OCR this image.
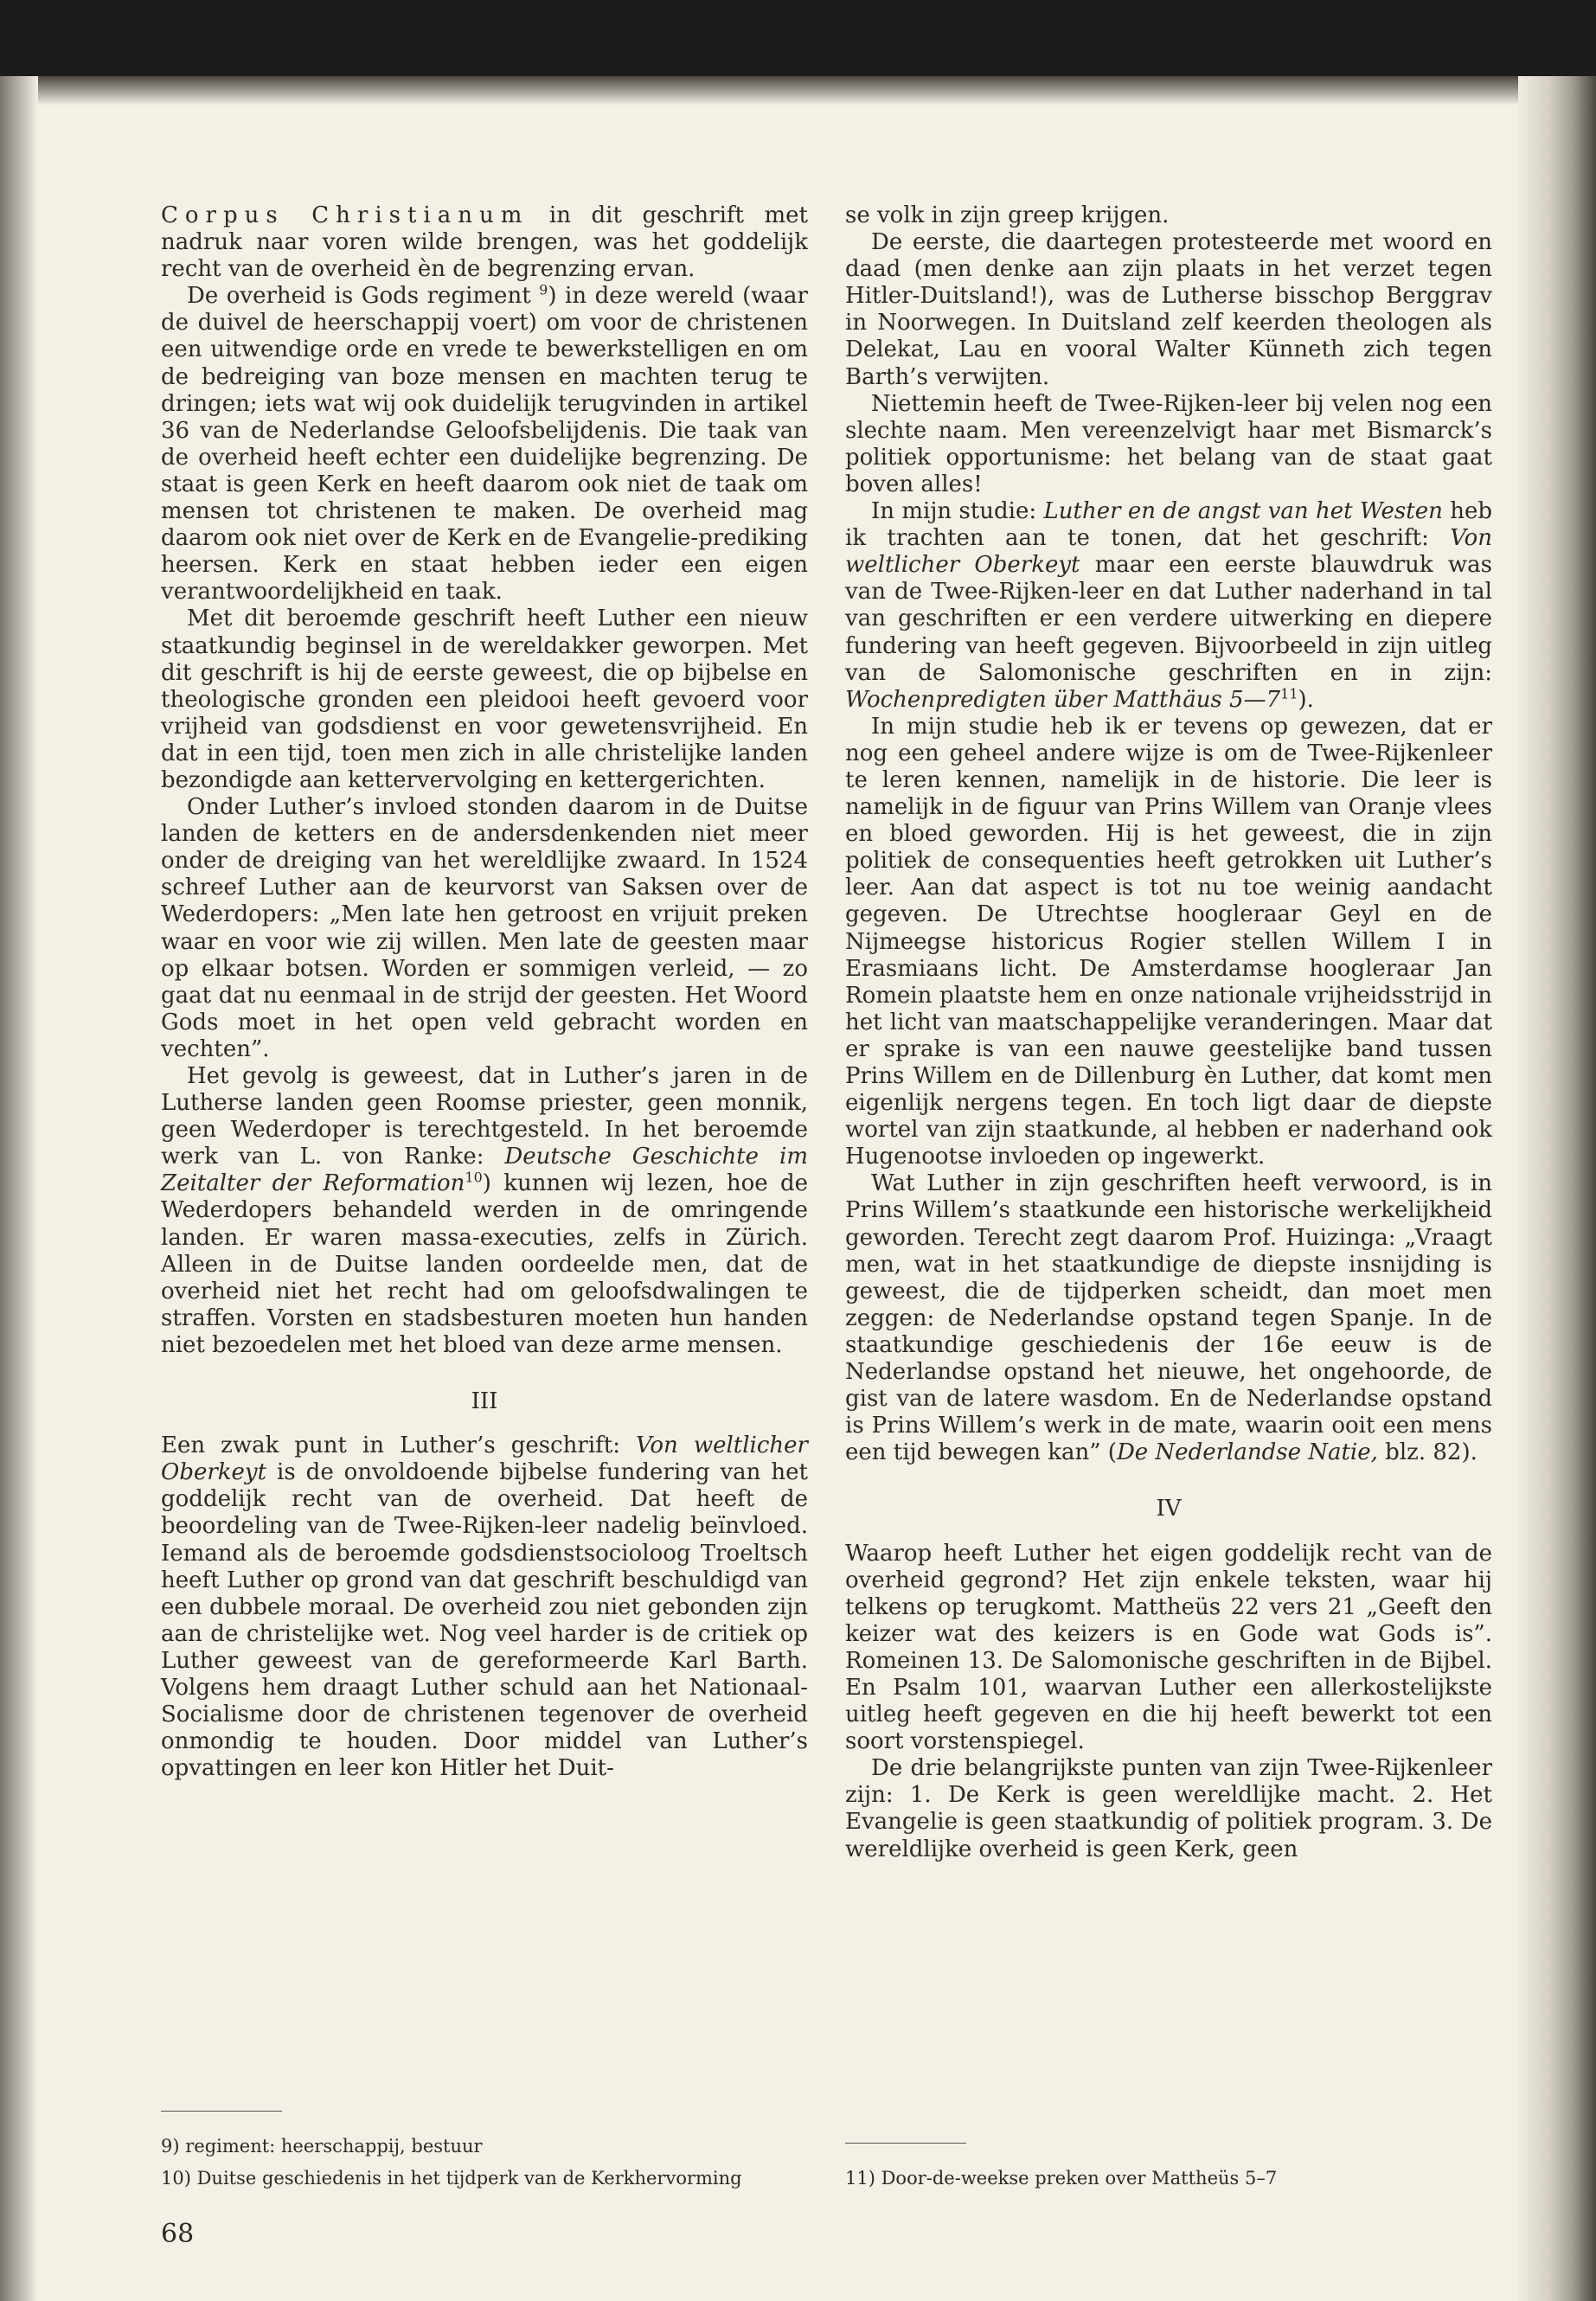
Corpus Christianum in dit geschrift met nadruk naar voren wilde brengen, was het goddelijk recht van de overheid èn de begrenzing ervan.

De overheid is Gods regiment $^9$) in deze wereld (waar de duivel de heerschappij voert) om voor de christenen een uitwendige orde en vrede te bewerkstelligen en om de bedreiging van boze mensen en machten terug te dringen; iets wat wij ook duidelijk terugvinden in artikel 36 van de Nederlandse Geloofsbelijdenis. Die taak van de overheid heeft echter een duidelijke begrenzing. De staat is geen Kerk en heeft daarom ook niet de taak om mensen tot christenen te maken. De overheid mag daarom ook niet over de Kerk en de Evangelie-prediking heersen. Kerk en staat hebben ieder een eigen verantwoordelijkheid en taak.

Met dit beroemde geschrift heeft Luther een nieuw staatkundig beginsel in de wereldakker geworpen. Met dit geschrift is hij de eerste geweest, die op bijbelse en theologische gronden een pleidooi heeft gevoerd voor vrijheid van godsdienst en voor gewetensvrijheid. En dat in een tijd, toen men zich in alle christelijke landen bezondigde aan kettervervolging en kettergerichten.

Onder Luther’s invloed stonden daarom in de Duitse landen de ketters en de andersdenkenden niet meer onder de dreiging van het wereldlijke zwaard. In 1524 schreef Luther aan de keurvorst van Saksen over de Wederdopers: „Men late hen getroost en vrijuit preken waar en voor wie zij willen. Men late de geesten maar op elkaar botsen. Worden er sommigen verleid, — zo gaat dat nu eenmaal in de strijd der geesten. Het Woord Gods moet in het open veld gebracht worden en vechten”.

Het gevolg is geweest, dat in Luther’s jaren in de Lutherse landen geen Roomse priester, geen monnik, geen Wederdoper is terechtgesteld. In het beroemde werk van L. von Ranke: Deutsche Geschichte im Zeitalter der Reformation$^{10}$) kunnen wij lezen, hoe de Wederdopers behandeld werden in de omringende landen. Er waren massa-executies, zelfs in Zürich. Alleen in de Duitse landen oordeelde men, dat de overheid niet het recht had om geloofsdwalingen te straffen. Vorsten en stadsbesturen moeten hun handen niet bezoedelen met het bloed van deze arme mensen.

III

Een zwak punt in Luther’s geschrift: Von weltlicher Oberkeyt is de onvoldoende bijbelse fundering van het goddelijk recht van de overheid. Dat heeft de beoordeling van de Twee-Rijken-leer nadelig beïnvloed. Iemand als de beroemde godsdienstsocioloog Troeltsch heeft Luther op grond van dat geschrift beschuldigd van een dubbele moraal. De overheid zou niet gebonden zijn aan de christelijke wet. Nog veel harder is de critiek op Luther geweest van de gereformeerde Karl Barth. Volgens hem draagt Luther schuld aan het Nationaal-Socialisme door de christenen tegenover de overheid onmondig te houden. Door middel van Luther’s opvattingen en leer kon Hitler het Duit-

se volk in zijn greep krijgen.

De eerste, die daartegen protesteerde met woord en daad (men denke aan zijn plaats in het verzet tegen Hitler-Duitsland!), was de Lutherse bisschop Berggrav in Noorwegen. In Duitsland zelf keerden theologen als Delekat, Lau en vooral Walter Künneth zich tegen Barth’s verwijten.

Niettemin heeft de Twee-Rijken-leer bij velen nog een slechte naam. Men vereenzelvigt haar met Bismarck’s politiek opportunisme: het belang van de staat gaat boven alles!

In mijn studie: Luther en de angst van het Westen heb ik trachten aan te tonen, dat het geschrift: Von weltlicher Oberkeyt maar een eerste blauwdruk was van de Twee-Rijken-leer en dat Luther naderhand in tal van geschriften er een verdere uitwerking en diepere fundering van heeft gegeven. Bijvoorbeeld in zijn uitleg van de Salomonische geschriften en in zijn: Wochenpredigten über Matthäus $5—7^{11}$).

In mijn studie heb ik er tevens op gewezen, dat er nog een geheel andere wijze is om de Twee-Rijkenleer te leren kennen, namelijk in de historie. Die leer is namelijk in de figuur van Prins Willem van Oranje vlees en bloed geworden. Hij is het geweest, die in zijn politiek de consequenties heeft getrokken uit Luther’s leer. Aan dat aspect is tot nu toe weinig aandacht gegeven. De Utrechtse hoogleraar Geyl en de Nijmeegse historicus Rogier stellen Willem I in Erasmiaans licht. De Amsterdamse hoogleraar Jan Romein plaatste hem en onze nationale vrijheidsstrijd in het licht van maatschappelijke veranderingen. Maar dat er sprake is van een nauwe geestelijke band tussen Prins Willem en de Dillenburg èn Luther, dat komt men eigenlijk nergens tegen. En toch ligt daar de diepste wortel van zijn staatkunde, al hebben er naderhand ook Hugenootse invloeden op ingewerkt.

Wat Luther in zijn geschriften heeft verwoord, is in Prins Willem’s staatkunde een historische werkelijkheid geworden. Terecht zegt daarom Prof. Huizinga: „Vraagt men, wat in het staatkundige de diepste insnijding is geweest, die de tijdperken scheidt, dan moet men zeggen: de Nederlandse opstand tegen Spanje. In de staatkundige geschiedenis der 16e eeuw is de Nederlandse opstand het nieuwe, het ongehoorde, de gist van de latere wasdom. En de Nederlandse opstand is Prins Willem’s werk in de mate, waarin ooit een mens een tijd bewegen kan” (De Nederlandse Natie, blz. 82).

IV

Waarop heeft Luther het eigen goddelijk recht van de overheid gegrond? Het zijn enkele teksten, waar hij telkens op terugkomt. Mattheüs 22 vers 21 „Geeft den keizer wat des keizers is en Gode wat Gods is”. Romeinen 13. De Salomonische geschriften in de Bijbel. En Psalm 101, waarvan Luther een allerkostelijkste uitleg heeft gegeven en die hij heeft bewerkt tot een soort vorstenspiegel.

De drie belangrijkste punten van zijn Twee-Rijkenleer zijn: 1. De Kerk is geen wereldlijke macht. 2. Het Evangelie is geen staatkundig of politiek program. 3. De wereldlijke overheid is geen Kerk, geen

9) regiment: heerschappij, bestuur
10) Duitse geschiedenis in het tijdperk van de Kerkhervorming	11) Door-de-weekse preken over Mattheüs 5–7
68
